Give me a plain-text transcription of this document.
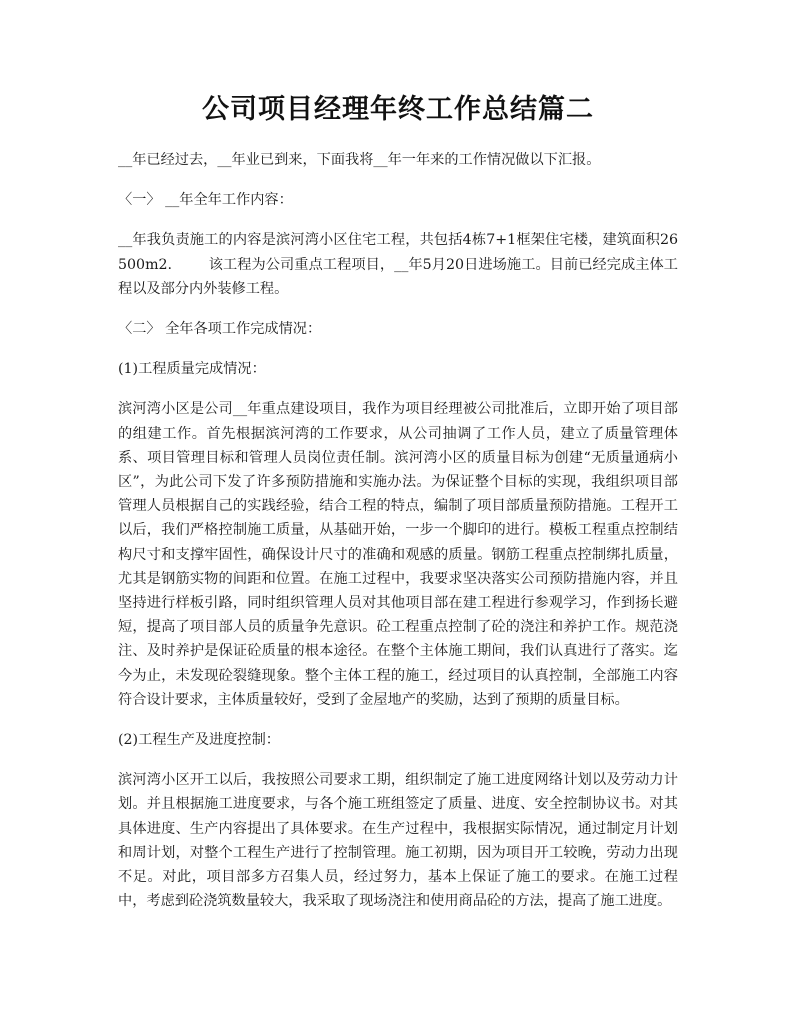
公司项目经理年终工作总结篇二

__年已经过去，__年业已到来，下面我将__年一年来的工作情况做以下汇报。

〈一〉 __年全年工作内容：

__年我负责施工的内容是滨河湾小区住宅工程，共包括4栋7+1框架住宅楼，建筑面积26500m2.        该工程为公司重点工程项目，__年5月20日进场施工。目前已经完成主体工程以及部分内外装修工程。

〈二〉 全年各项工作完成情况：

(1)工程质量完成情况：

滨河湾小区是公司__年重点建设项目，我作为项目经理被公司批准后，立即开始了项目部的组建工作。首先根据滨河湾的工作要求，从公司抽调了工作人员，建立了质量管理体系、项目管理目标和管理人员岗位责任制。滨河湾小区的质量目标为创建“无质量通病小区”，为此公司下发了许多预防措施和实施办法。为保证整个目标的实现，我组织项目部管理人员根据自己的实践经验，结合工程的特点，编制了项目部质量预防措施。工程开工以后，我们严格控制施工质量，从基础开始，一步一个脚印的进行。模板工程重点控制结构尺寸和支撑牢固性，确保设计尺寸的准确和观感的质量。钢筋工程重点控制绑扎质量，尤其是钢筋实物的间距和位置。在施工过程中，我要求坚决落实公司预防措施内容，并且坚持进行样板引路，同时组织管理人员对其他项目部在建工程进行参观学习，作到扬长避短，提高了项目部人员的质量争先意识。砼工程重点控制了砼的浇注和养护工作。规范浇注、及时养护是保证砼质量的根本途径。在整个主体施工期间，我们认真进行了落实。迄今为止，未发现砼裂缝现象。整个主体工程的施工，经过项目的认真控制，全部施工内容符合设计要求，主体质量较好，受到了金屋地产的奖励，达到了预期的质量目标。

(2)工程生产及进度控制：

滨河湾小区开工以后，我按照公司要求工期，组织制定了施工进度网络计划以及劳动力计划。并且根据施工进度要求，与各个施工班组签定了质量、进度、安全控制协议书。对其具体进度、生产内容提出了具体要求。在生产过程中，我根据实际情况，通过制定月计划和周计划，对整个工程生产进行了控制管理。施工初期，因为项目开工较晚，劳动力出现不足。对此，项目部多方召集人员，经过努力，基本上保证了施工的要求。在施工过程中，考虑到砼浇筑数量较大，我采取了现场浇注和使用商品砼的方法，提高了施工进度。
